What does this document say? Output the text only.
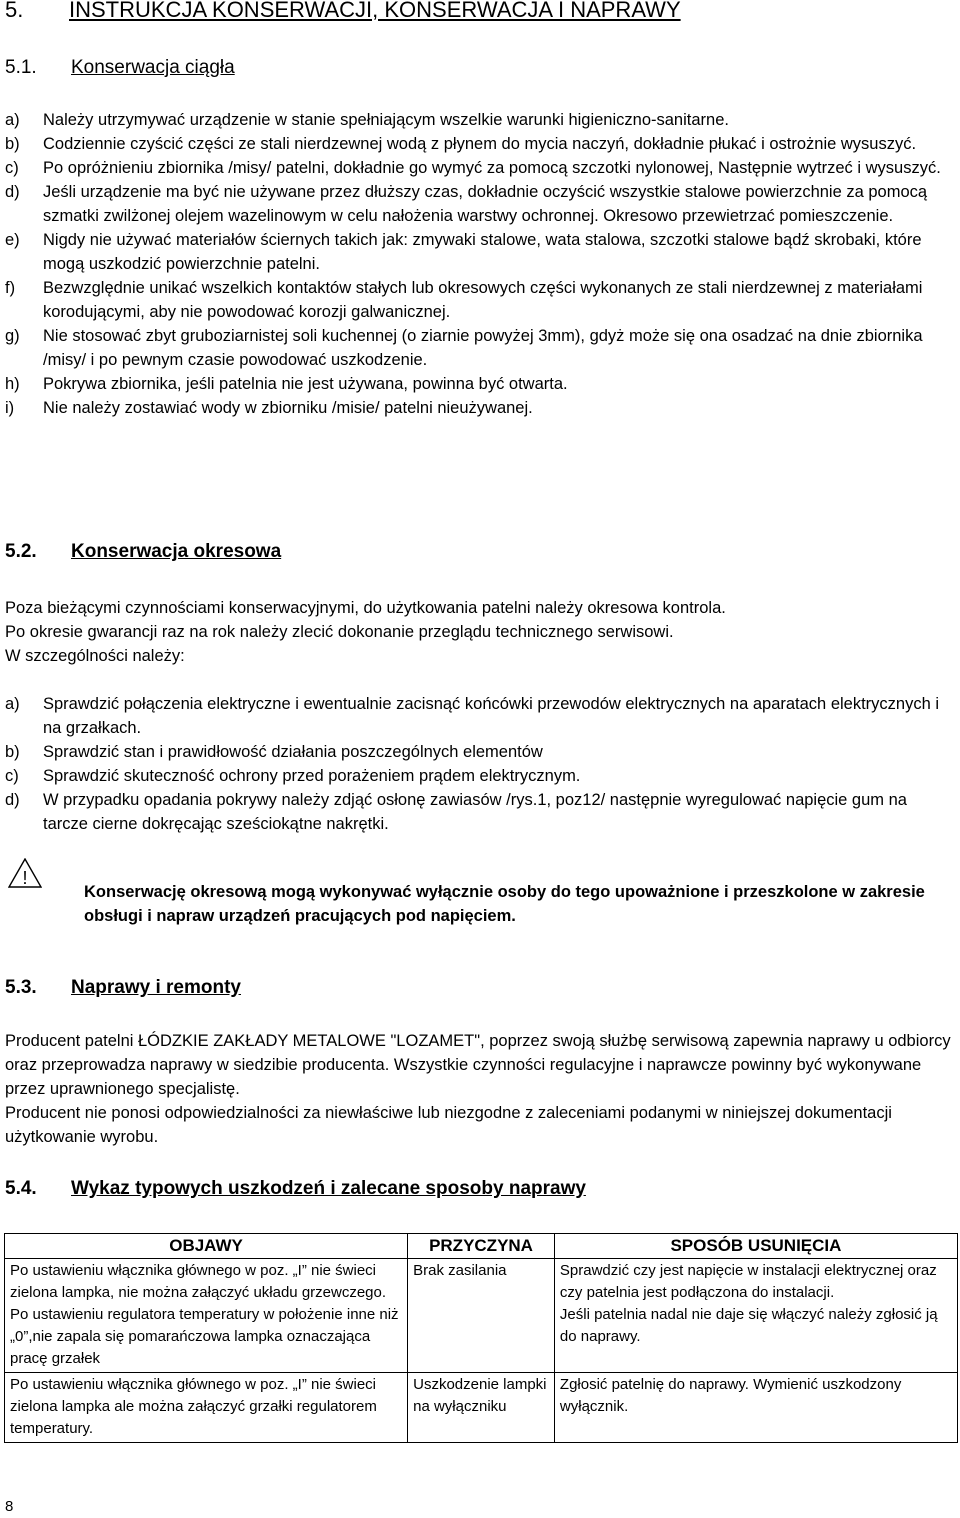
5. INSTRUKCJA KONSERWACJI, KONSERWACJA I NAPRAWY
5.1. Konserwacja ciągła
a)	Należy utrzymywać urządzenie w stanie spełniającym wszelkie warunki higieniczno-sanitarne.
b)	Codziennie czyścić części ze stali nierdzewnej wodą z płynem do mycia naczyń, dokładnie płukać i ostrożnie wysuszyć.
c)	Po opróżnieniu zbiornika /misy/ patelni, dokładnie go wymyć za pomocą szczotki nylonowej, Następnie wytrzeć i wysuszyć.
d)	Jeśli urządzenie ma być nie używane przez dłuższy czas, dokładnie oczyścić wszystkie stalowe powierzchnie za pomocą szmatki zwilżonej olejem wazelinowym w celu nałożenia warstwy ochronnej. Okresowo przewietrzać pomieszczenie.
e)	Nigdy nie używać materiałów ściernych takich jak: zmywaki stalowe, wata stalowa, szczotki stalowe bądź skrobaki, które mogą uszkodzić powierzchnie patelni.
f)	Bezwzględnie unikać wszelkich kontaktów stałych lub okresowych części wykonanych ze stali nierdzewnej z materiałami korodującymi, aby nie powodować korozji galwanicznej.
g)	Nie stosować zbyt gruboziarnistej soli kuchennej (o ziarnie powyżej 3mm), gdyż może się ona osadzać na dnie zbiornika /misy/ i po pewnym czasie powodować uszkodzenie.
h)	Pokrywa zbiornika, jeśli patelnia nie jest używana, powinna być otwarta.
i)	Nie należy zostawiać wody w zbiorniku /misie/ patelni nieużywanej.
5.2. Konserwacja okresowa

Poza bieżącymi czynnościami konserwacyjnymi, do użytkowania patelni należy okresowa kontrola.

Po okresie gwarancji raz na rok należy zlecić dokonanie przeglądu technicznego serwisowi.

W szczególności należy:

a)	Sprawdzić połączenia elektryczne i ewentualnie zacisnąć końcówki przewodów elektrycznych na aparatach elektrycznych i na grzałkach.
b)	Sprawdzić stan i prawidłowość działania poszczególnych elementów
c)	Sprawdzić skuteczność ochrony przed porażeniem prądem elektrycznym.
d)	W przypadku opadania pokrywy należy zdjąć osłonę zawiasów /rys.1, poz12/ następnie wyregulować napięcie gum na tarcze cierne dokręcając sześciokątne nakrętki.
!
Konserwację okresową mogą wykonywać wyłącznie osoby do tego upoważnione i przeszkolone w zakresie obsługi i napraw urządzeń pracujących pod napięciem.
5.3. Naprawy i remonty

Producent patelni ŁÓDZKIE ZAKŁADY METALOWE "LOZAMET", poprzez swoją służbę serwisową zapewnia naprawy u odbiorcy oraz przeprowadza naprawy w siedzibie producenta. Wszystkie czynności regulacyjne i naprawcze powinny być wykonywane przez uprawnionego specjalistę.

Producent nie ponosi odpowiedzialności za niewłaściwe lub niezgodne z zaleceniami podanymi w niniejszej dokumentacji użytkowanie wyrobu.

5.4. Wykaz typowych uszkodzeń i zalecane sposoby naprawy
OBJAWY	PRZYCZYNA	SPOSÓB USUNIĘCIA
Po ustawieniu włącznika głównego w poz. „I” nie świeci zielona lampka, nie można załączyć układu grzewczego. Po ustawieniu regulatora temperatury w położenie inne niż „0”,nie zapala się pomarańczowa lampka oznaczająca pracę grzałek	Brak zasilania	Sprawdzić czy jest napięcie w instalacji elektrycznej oraz czy patelnia jest podłączona do instalacji.
Jeśli patelnia nadal nie daje się włączyć należy zgłosić ją do naprawy.
Po ustawieniu włącznika głównego w poz. „I” nie świeci zielona lampka ale można załączyć grzałki regulatorem temperatury.	Uszkodzenie lampki na wyłączniku	Zgłosić patelnię do naprawy. Wymienić uszkodzony wyłącznik.
8
